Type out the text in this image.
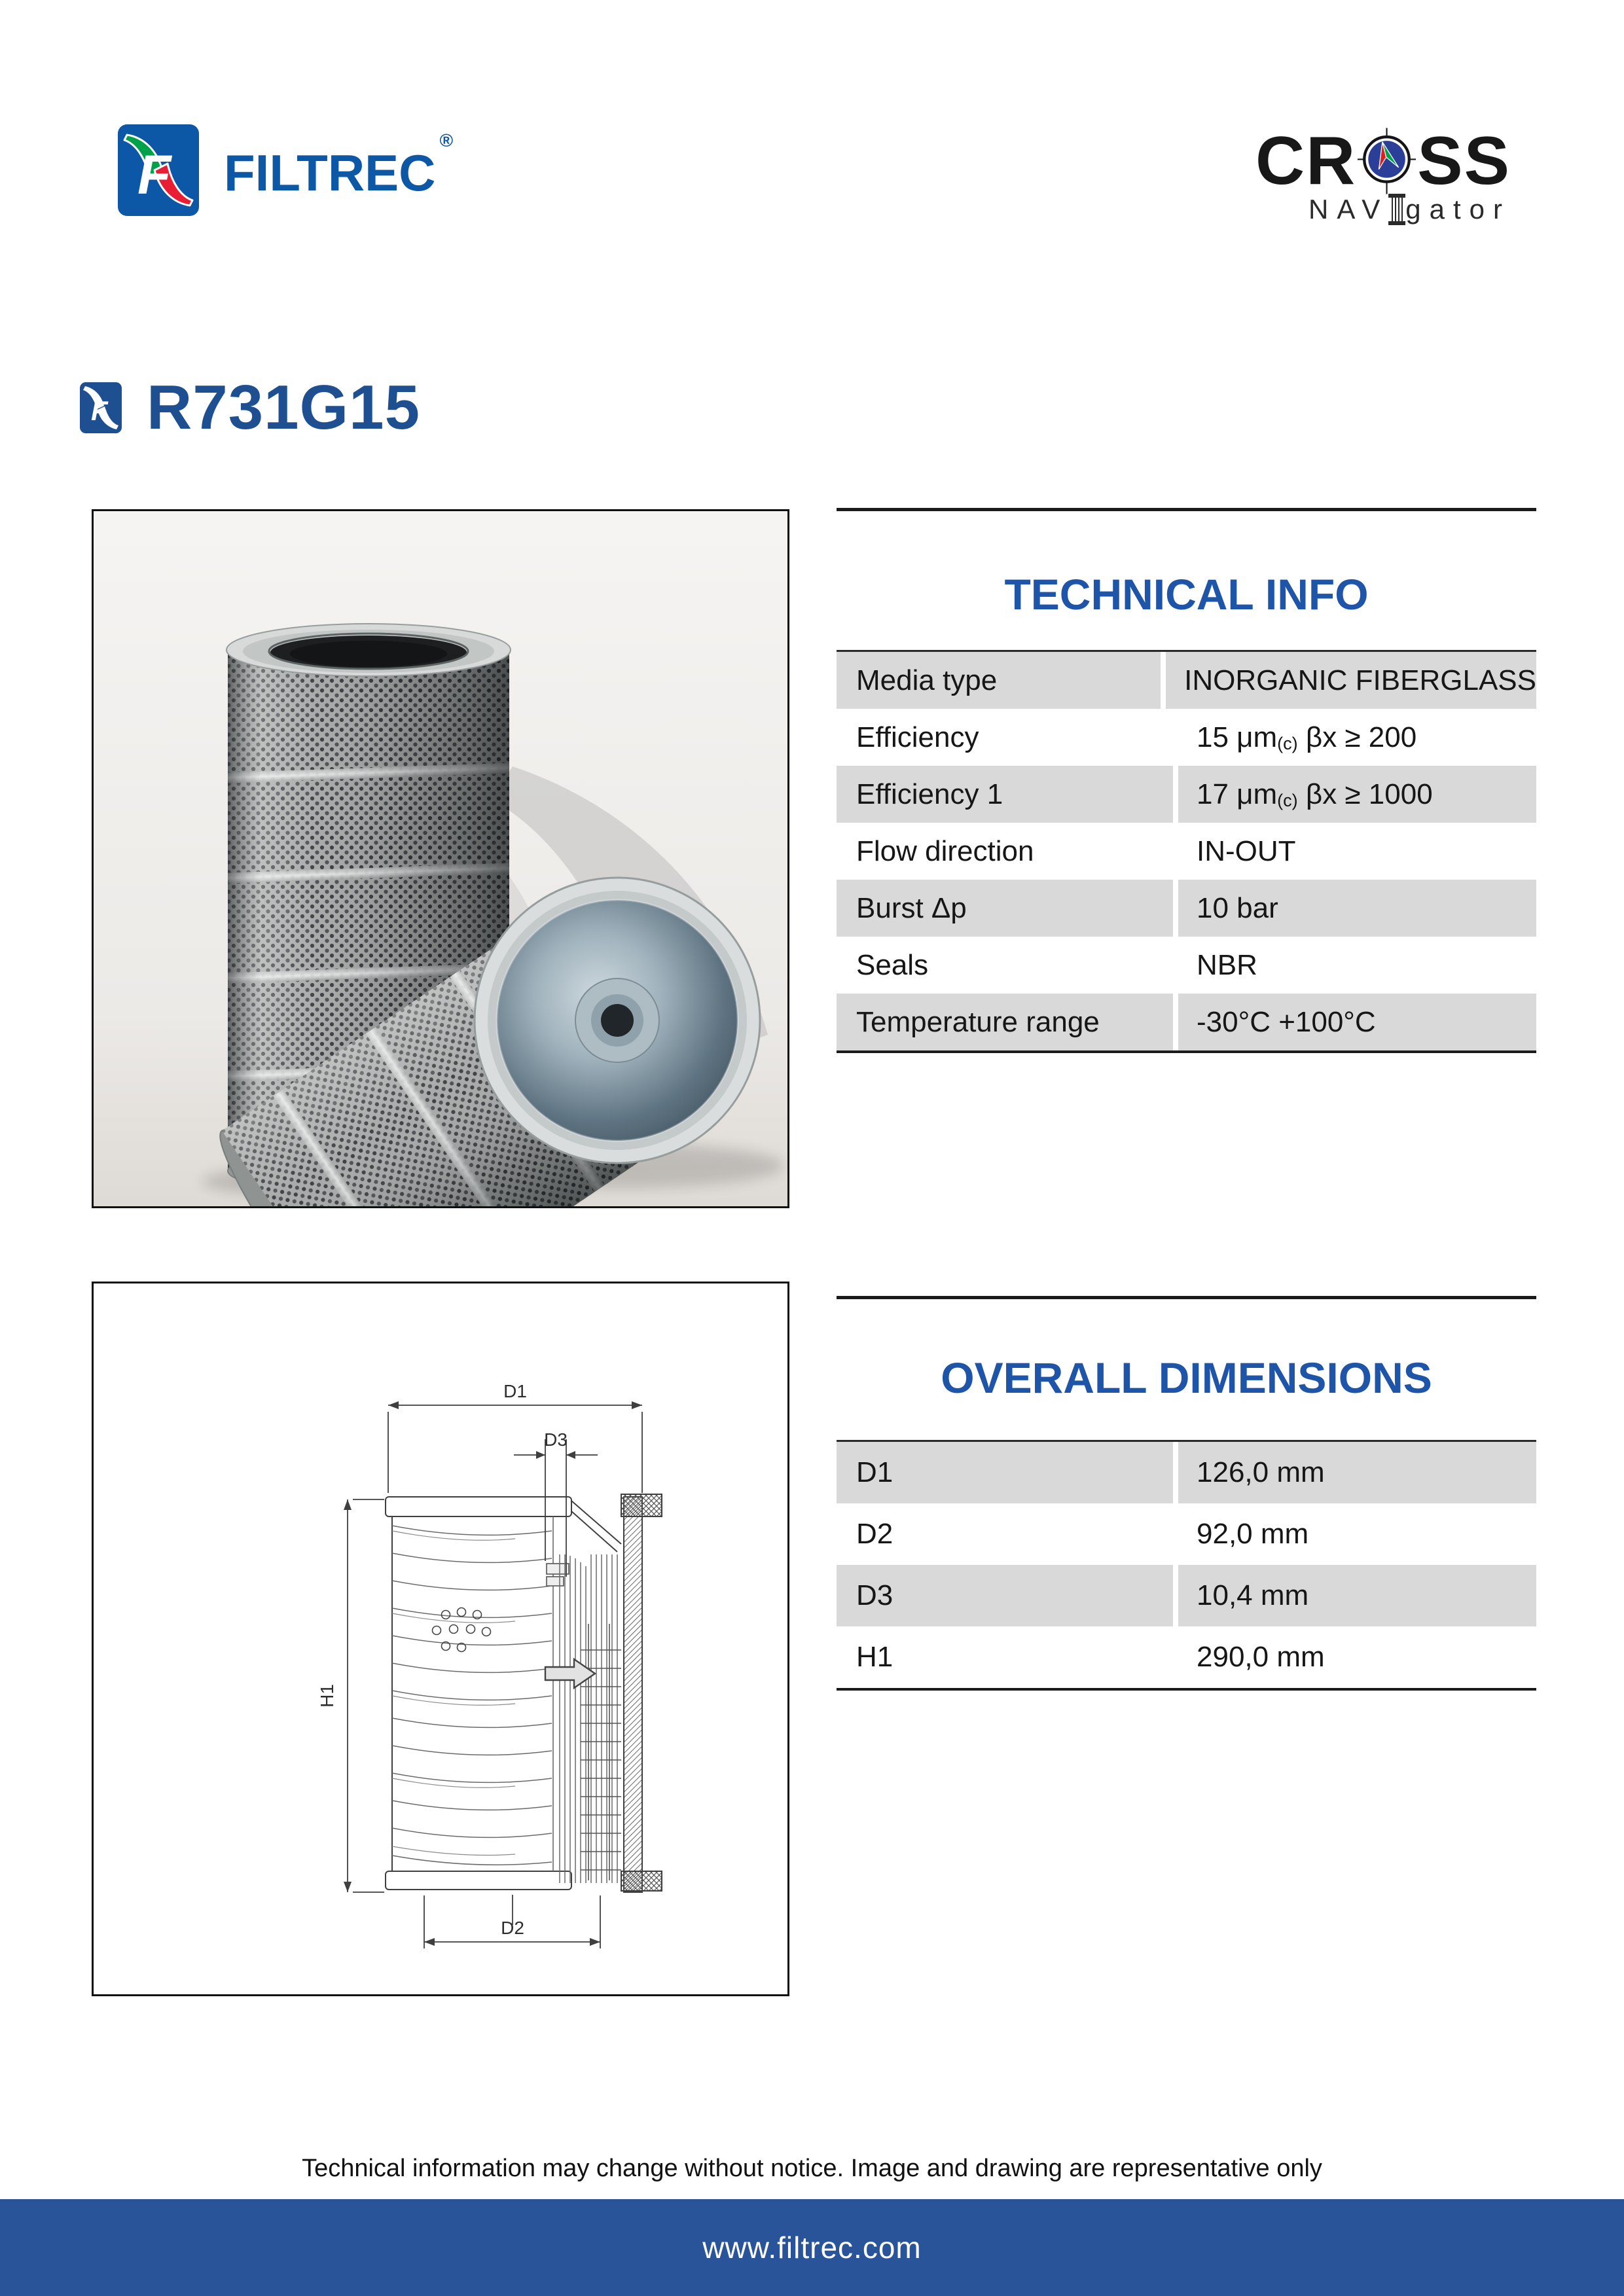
F FILTREC®	CR SS
NAV gator
F R731G15
TECHNICAL INFO
Media type	INORGANIC FIBERGLASS
Efficiency	15 $\mu m_{(c)}$ βx ≥ 200
Efficiency 1	17 $\mu m_{(c)}$ βx ≥ 1000
Flow direction	IN-OUT
Burst Δp	10 bar
Seals	NBR
Temperature range	-30°C +100°C
D1
D3
H1
D2
OVERALL DIMENSIONS
D1	126,0 mm
D2	92,0 mm
D3	10,4 mm
H1	290,0 mm
Technical information may change without notice. Image and drawing are representative only
www.filtrec.com
